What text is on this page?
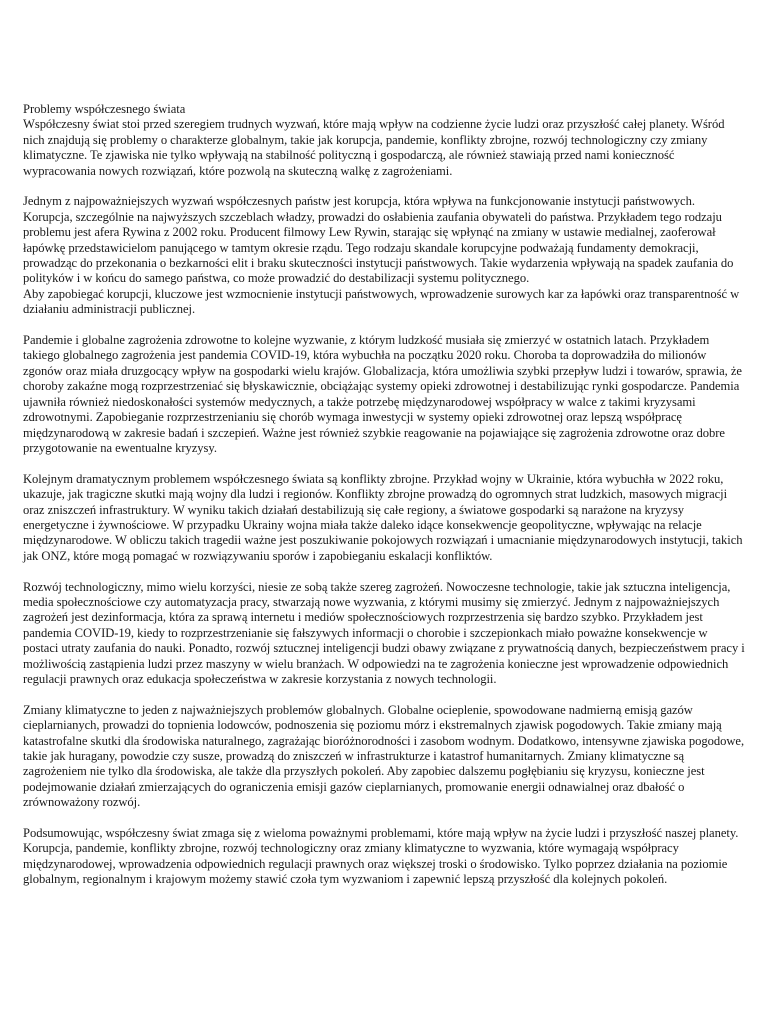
Problemy współczesnego świata

Współczesny świat stoi przed szeregiem trudnych wyzwań, które mają wpływ na codzienne życie ludzi oraz przyszłość całej planety. Wśród nich znajdują się problemy o charakterze globalnym, takie jak korupcja, pandemie, konflikty zbrojne, rozwój technologiczny czy zmiany klimatyczne. Te zjawiska nie tylko wpływają na stabilność polityczną i gospodarczą, ale również stawiają przed nami konieczność wypracowania nowych rozwiązań, które pozwolą na skuteczną walkę z zagrożeniami.

Jednym z najpoważniejszych wyzwań współczesnych państw jest korupcja, która wpływa na funkcjonowanie instytucji państwowych. Korupcja, szczególnie na najwyższych szczeblach władzy, prowadzi do osłabienia zaufania obywateli do państwa. Przykładem tego rodzaju problemu jest afera Rywina z 2002 roku. Producent filmowy Lew Rywin, starając się wpłynąć na zmiany w ustawie medialnej, zaoferował łapówkę przedstawicielom panującego w tamtym okresie rządu. Tego rodzaju skandale korupcyjne podważają fundamenty demokracji, prowadząc do przekonania o bezkarności elit i braku skuteczności instytucji państwowych. Takie wydarzenia wpływają na spadek zaufania do polityków i w końcu do samego państwa, co może prowadzić do destabilizacji systemu politycznego.

Aby zapobiegać korupcji, kluczowe jest wzmocnienie instytucji państwowych, wprowadzenie surowych kar za łapówki oraz transparentność w działaniu administracji publicznej.

Pandemie i globalne zagrożenia zdrowotne to kolejne wyzwanie, z którym ludzkość musiała się zmierzyć w ostatnich latach. Przykładem takiego globalnego zagrożenia jest pandemia COVID-19, która wybuchła na początku 2020 roku. Choroba ta doprowadziła do milionów zgonów oraz miała druzgocący wpływ na gospodarki wielu krajów. Globalizacja, która umożliwia szybki przepływ ludzi i towarów, sprawia, że choroby zakaźne mogą rozprzestrzeniać się błyskawicznie, obciążając systemy opieki zdrowotnej i destabilizując rynki gospodarcze. Pandemia ujawniła również niedoskonałości systemów medycznych, a także potrzebę międzynarodowej współpracy w walce z takimi kryzysami zdrowotnymi. Zapobieganie rozprzestrzenianiu się chorób wymaga inwestycji w systemy opieki zdrowotnej oraz lepszą współpracę międzynarodową w zakresie badań i szczepień. Ważne jest również szybkie reagowanie na pojawiające się zagrożenia zdrowotne oraz dobre przygotowanie na ewentualne kryzysy.

Kolejnym dramatycznym problemem współczesnego świata są konflikty zbrojne. Przykład wojny w Ukrainie, która wybuchła w 2022 roku, ukazuje, jak tragiczne skutki mają wojny dla ludzi i regionów. Konflikty zbrojne prowadzą do ogromnych strat ludzkich, masowych migracji oraz zniszczeń infrastruktury. W wyniku takich działań destabilizują się całe regiony, a światowe gospodarki są narażone na kryzysy energetyczne i żywnościowe. W przypadku Ukrainy wojna miała także daleko idące konsekwencje geopolityczne, wpływając na relacje międzynarodowe. W obliczu takich tragedii ważne jest poszukiwanie pokojowych rozwiązań i umacnianie międzynarodowych instytucji, takich jak ONZ, które mogą pomagać w rozwiązywaniu sporów i zapobieganiu eskalacji konfliktów.

Rozwój technologiczny, mimo wielu korzyści, niesie ze sobą także szereg zagrożeń. Nowoczesne technologie, takie jak sztuczna inteligencja, media społecznościowe czy automatyzacja pracy, stwarzają nowe wyzwania, z którymi musimy się zmierzyć. Jednym z najpoważniejszych zagrożeń jest dezinformacja, która za sprawą internetu i mediów społecznościowych rozprzestrzenia się bardzo szybko. Przykładem jest pandemia COVID-19, kiedy to rozprzestrzenianie się fałszywych informacji o chorobie i szczepionkach miało poważne konsekwencje w postaci utraty zaufania do nauki. Ponadto, rozwój sztucznej inteligencji budzi obawy związane z prywatnością danych, bezpieczeństwem pracy i możliwością zastąpienia ludzi przez maszyny w wielu branżach. W odpowiedzi na te zagrożenia konieczne jest wprowadzenie odpowiednich regulacji prawnych oraz edukacja społeczeństwa w zakresie korzystania z nowych technologii.

Zmiany klimatyczne to jeden z najważniejszych problemów globalnych. Globalne ocieplenie, spowodowane nadmierną emisją gazów cieplarnianych, prowadzi do topnienia lodowców, podnoszenia się poziomu mórz i ekstremalnych zjawisk pogodowych. Takie zmiany mają katastrofalne skutki dla środowiska naturalnego, zagrażając bioróżnorodności i zasobom wodnym. Dodatkowo, intensywne zjawiska pogodowe, takie jak huragany, powodzie czy susze, prowadzą do zniszczeń w infrastrukturze i katastrof humanitarnych. Zmiany klimatyczne są zagrożeniem nie tylko dla środowiska, ale także dla przyszłych pokoleń. Aby zapobiec dalszemu pogłębianiu się kryzysu, konieczne jest podejmowanie działań zmierzających do ograniczenia emisji gazów cieplarnianych, promowanie energii odnawialnej oraz dbałość o zrównoważony rozwój.

Podsumowując, współczesny świat zmaga się z wieloma poważnymi problemami, które mają wpływ na życie ludzi i przyszłość naszej planety. Korupcja, pandemie, konflikty zbrojne, rozwój technologiczny oraz zmiany klimatyczne to wyzwania, które wymagają współpracy międzynarodowej, wprowadzenia odpowiednich regulacji prawnych oraz większej troski o środowisko. Tylko poprzez działania na poziomie globalnym, regionalnym i krajowym możemy stawić czoła tym wyzwaniom i zapewnić lepszą przyszłość dla kolejnych pokoleń.
